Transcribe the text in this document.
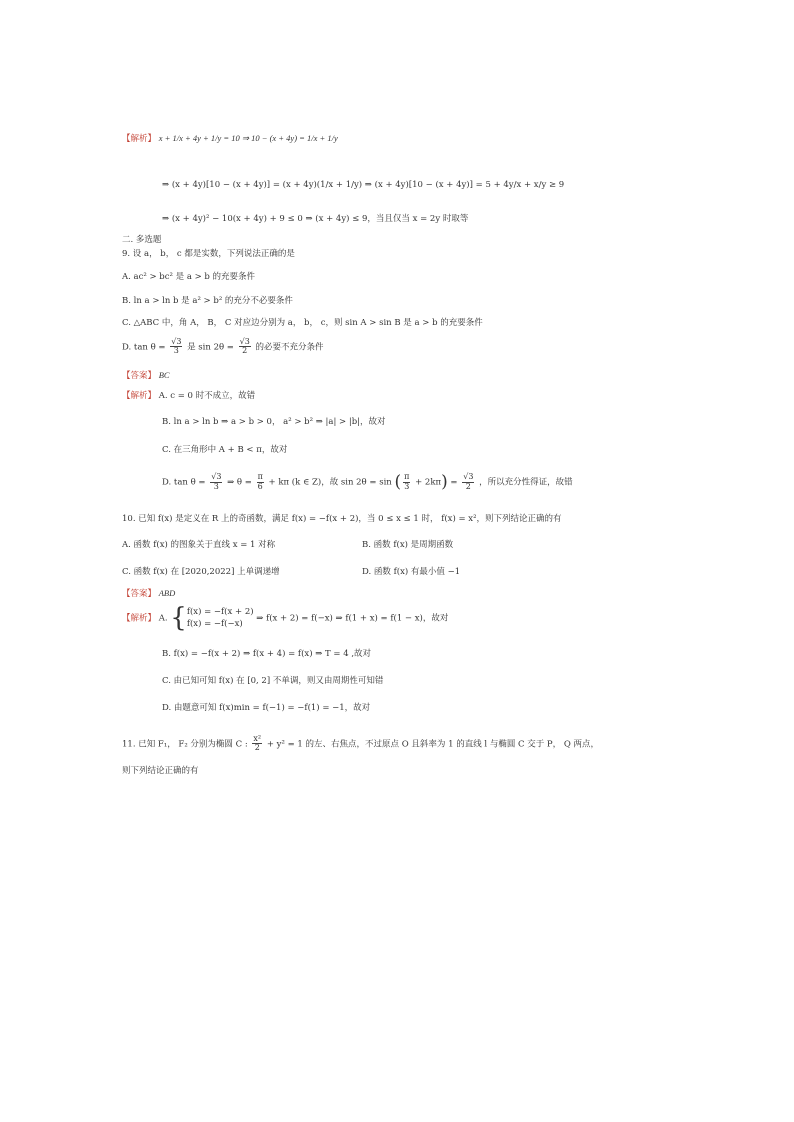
【解析】 x + 1/x + 4y + 1/y = 10 ⇒ 10 − (x + 4y) = 1/x + 1/y
⇒ (x + 4y)[10 − (x + 4y)] = (x + 4y)(1/x + 1/y) ⇒ (x + 4y)[10 − (x + 4y)] = 5 + 4y/x + x/y ≥ 9
⇒ (x + 4y)² − 10(x + 4y) + 9 ≤ 0 ⇒ (x + 4y) ≤ 9，当且仅当 x = 2y 时取等
二. 多选题
9. 设 a， b， c 都是实数，下列说法正确的是
A. ac² > bc² 是 a > b 的充要条件
B. ln a > ln b 是 a² > b² 的充分不必要条件
C. △ABC 中，角 A， B， C 对应边分别为 a， b， c，则 sin A > sin B 是 a > b 的充要条件
D. $\tan \theta = \frac{√3}{3}$ 是 $\sin 2\theta = \frac{√3}{2}$ 的必要不充分条件
【答案】 BC
【解析】 A. c = 0 时不成立，故错
B. ln a > ln b ⇒ a > b > 0， a² > b² ⇒ |a| > |b|，故对
C. 在三角形中 A + B < π，故对
D. $\tan \theta = \frac{√3}{3}$ ⇒ $\theta = \frac{\pi}{6} + k\pi$ (k ∈ Z)，故 sin 2θ = sin ( $\frac{\pi}{3} + 2k\pi) = \frac{√3}{2}$ ，所以充分性得证，故错
10. 已知 f(x) 是定义在 R 上的奇函数，满足 f(x) = −f(x + 2)，当 0 ≤ x ≤ 1 时， f(x) = x²，则下列结论正确的有
A. 函数 f(x) 的图象关于直线 x = 1 对称	B. 函数 f(x) 是周期函数
C. 函数 f(x) 在 [2020,2022] 上单调递增	D. 函数 f(x) 有最小值 −1
【答案】 ABD
【解析】 A. { f(x) = −f(x + 2)
f(x) = −f(−x)
⇒ f(x + 2) = f(−x) ⇒ f(1 + x) = f(1 − x)，故对
B. f(x) = −f(x + 2) ⇒ f(x + 4) = f(x) ⇒ T = 4 ,故对
C. 由已知可知 f(x) 在 [0, 2] 不单调，则又由周期性可知错
D. 由题意可知 f(x)min = f(−1) = −f(1) = −1，故对
11. 已知 F₁， F₂ 分别为椭圆 C : $\frac{\text{x²}}{2} + y^2 = 1$ 的左、右焦点，不过原点 O 且斜率为 1 的直线 l 与椭圆 C 交于 P， Q 两点，
则下列结论正确的有
